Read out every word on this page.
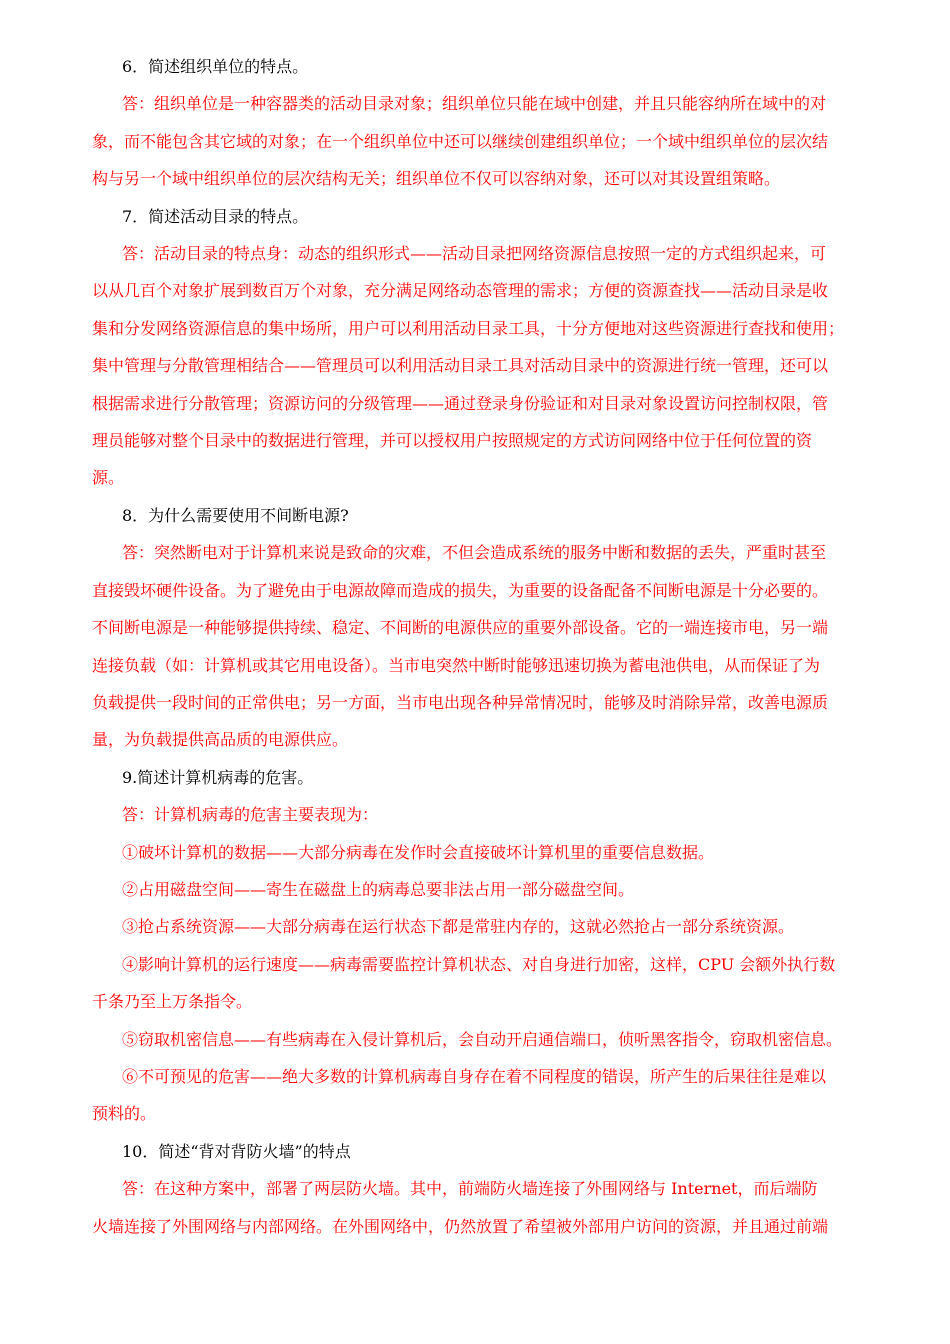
6．简述组织单位的特点。

答：组织单位是一种容器类的活动目录对象；组织单位只能在域中创建，并且只能容纳所在域中的对

象，而不能包含其它域的对象；在一个组织单位中还可以继续创建组织单位；一个域中组织单位的层次结

构与另一个域中组织单位的层次结构无关；组织单位不仅可以容纳对象，还可以对其设置组策略。

7．简述活动目录的特点。

答：活动目录的特点身：动态的组织形式——活动目录把网络资源信息按照一定的方式组织起来，可

以从几百个对象扩展到数百万个对象，充分满足网络动态管理的需求；方便的资源查找——活动目录是收

集和分发网络资源信息的集中场所，用户可以利用活动目录工具，十分方便地对这些资源进行查找和使用；

集中管理与分散管理相结合——管理员可以利用活动目录工具对活动目录中的资源进行统一管理，还可以

根据需求进行分散管理；资源访问的分级管理——通过登录身份验证和对目录对象设置访问控制权限，管

理员能够对整个目录中的数据进行管理，并可以授权用户按照规定的方式访问网络中位于任何位置的资

源。

8．为什么需要使用不间断电源?

答：突然断电对于计算机来说是致命的灾难，不但会造成系统的服务中断和数据的丢失，严重时甚至

直接毁坏硬件设备。为了避免由于电源故障而造成的损失，为重要的设备配备不间断电源是十分必要的。

不间断电源是一种能够提供持续、稳定、不间断的电源供应的重要外部设备。它的一端连接市电，另一端

连接负载（如：计算机或其它用电设备）。当市电突然中断时能够迅速切换为蓄电池供电，从而保证了为

负载提供一段时间的正常供电；另一方面，当市电出现各种异常情况时，能够及时消除异常，改善电源质

量，为负载提供高品质的电源供应。

9.简述计算机病毒的危害。

答：计算机病毒的危害主要表现为：

①破坏计算机的数据——大部分病毒在发作时会直接破坏计算机里的重要信息数据。

②占用磁盘空间——寄生在磁盘上的病毒总要非法占用一部分磁盘空间。

③抢占系统资源——大部分病毒在运行状态下都是常驻内存的，这就必然抢占一部分系统资源。

④影响计算机的运行速度——病毒需要监控计算机状态、对自身进行加密，这样，CPU 会额外执行数

千条乃至上万条指令。

⑤窃取机密信息——有些病毒在入侵计算机后，会自动开启通信端口，侦听黑客指令，窃取机密信息。

⑥不可预见的危害——绝大多数的计算机病毒自身存在着不同程度的错误，所产生的后果往往是难以

预料的。

10．简述“背对背防火墙”的特点

答：在这种方案中，部署了两层防火墙。其中，前端防火墙连接了外围网络与 Internet，而后端防

火墙连接了外围网络与内部网络。在外围网络中，仍然放置了希望被外部用户访问的资源，并且通过前端
